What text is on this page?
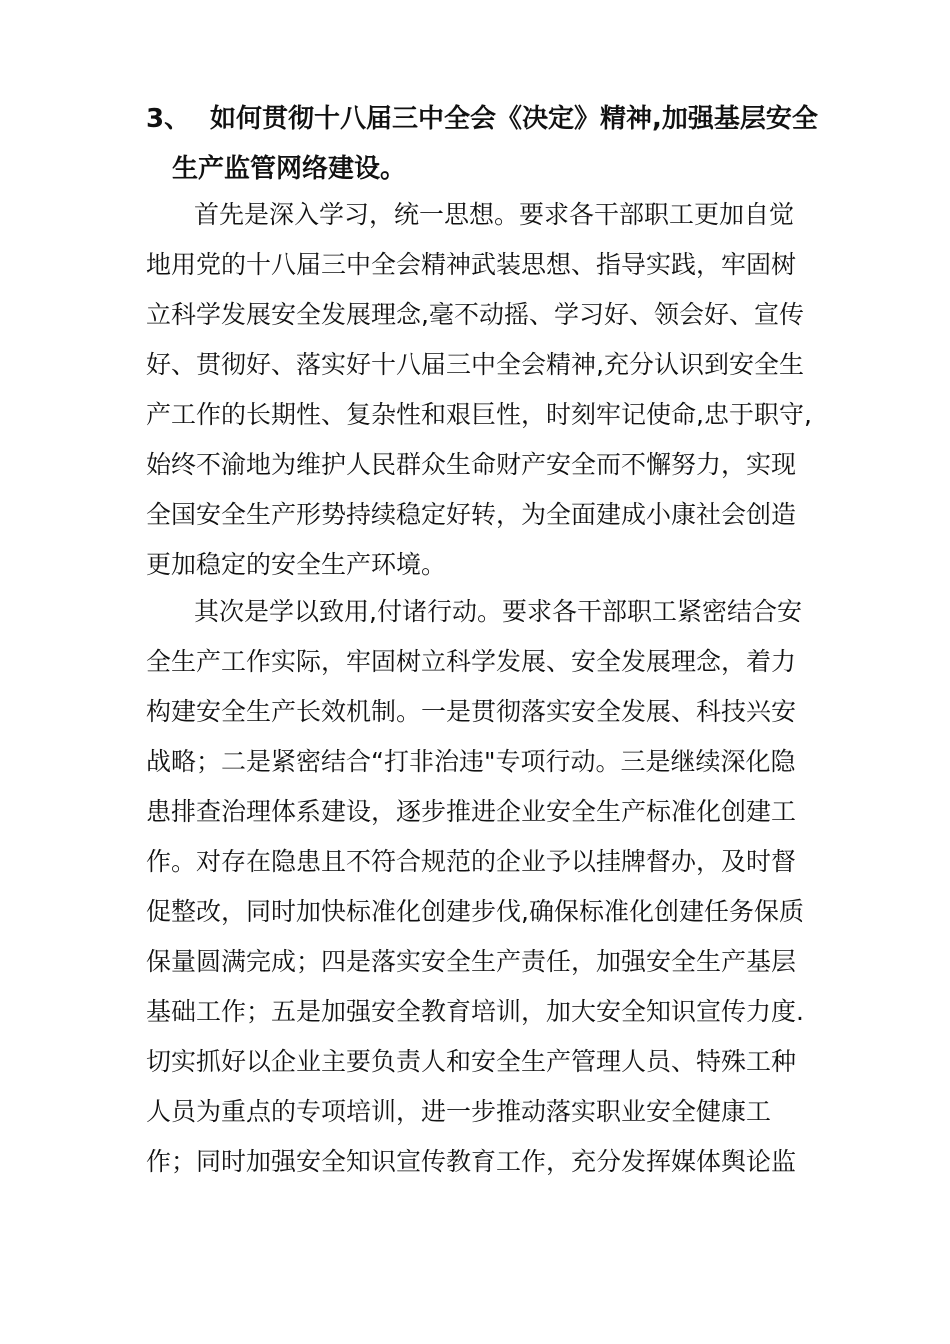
3、 如何贯彻十八届三中全会《决定》精神,加强基层安全
生产监管网络建设。
首先是深入学习，统一思想。要求各干部职工更加自觉
地用党的十八届三中全会精神武装思想、指导实践，牢固树
立科学发展安全发展理念,毫不动摇、学习好、领会好、宣传
好、贯彻好、落实好十八届三中全会精神,充分认识到安全生
产工作的长期性、复杂性和艰巨性，时刻牢记使命,忠于职守,
始终不渝地为维护人民群众生命财产安全而不懈努力，实现
全国安全生产形势持续稳定好转，为全面建成小康社会创造
更加稳定的安全生产环境。
其次是学以致用,付诸行动。要求各干部职工紧密结合安
全生产工作实际，牢固树立科学发展、安全发展理念，着力
构建安全生产长效机制。一是贯彻落实安全发展、科技兴安
战略；二是紧密结合“打非治违"专项行动。三是继续深化隐
患排查治理体系建设，逐步推进企业安全生产标准化创建工
作。对存在隐患且不符合规范的企业予以挂牌督办，及时督
促整改，同时加快标准化创建步伐,确保标准化创建任务保质
保量圆满完成；四是落实安全生产责任，加强安全生产基层
基础工作；五是加强安全教育培训，加大安全知识宣传力度.
切实抓好以企业主要负责人和安全生产管理人员、特殊工种
人员为重点的专项培训，进一步推动落实职业安全健康工
作；同时加强安全知识宣传教育工作，充分发挥媒体舆论监
